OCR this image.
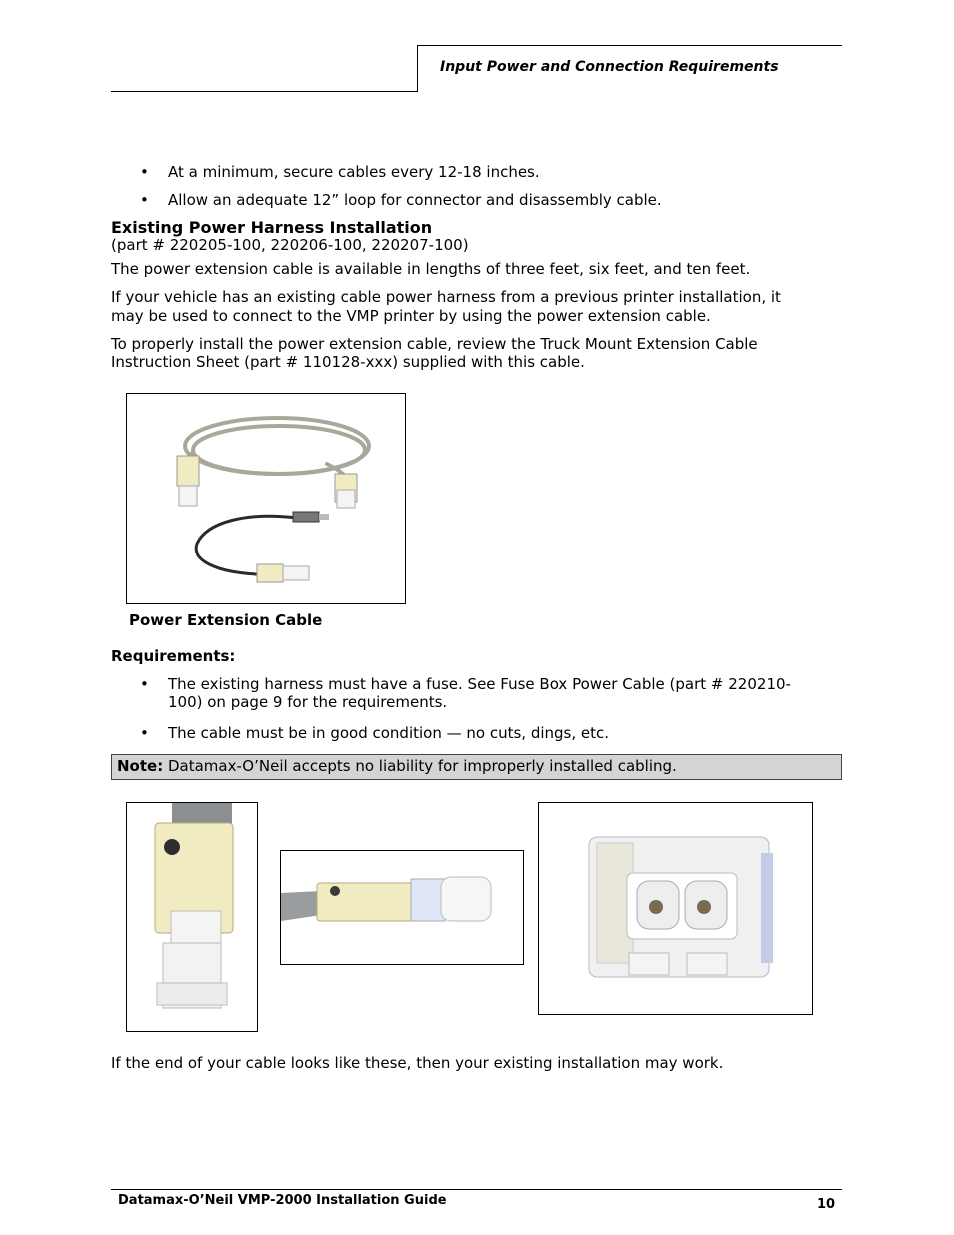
Input Power and Connection Requirements
• At a minimum, secure cables every 12-18 inches.
• Allow an adequate 12” loop for connector and disassembly cable.
Existing Power Harness Installation
(part # 220205-100, 220206-100, 220207-100)
The power extension cable is available in lengths of three feet, six feet, and ten feet.
If your vehicle has an existing cable power harness from a previous printer installation, it
may be used to connect to the VMP printer by using the power extension cable.
To properly install the power extension cable, review the Truck Mount Extension Cable
Instruction Sheet (part # 110128-xxx) supplied with this cable.
Power Extension Cable
Requirements:
• The existing harness must have a fuse. See Fuse Box Power Cable (part # 220210-
100) on page 9 for the requirements.
• The cable must be in good condition — no cuts, dings, etc.
Note: Datamax-O’Neil accepts no liability for improperly installed cabling.
If the end of your cable looks like these, then your existing installation may work.
Datamax-O’Neil VMP-2000 Installation Guide	10
